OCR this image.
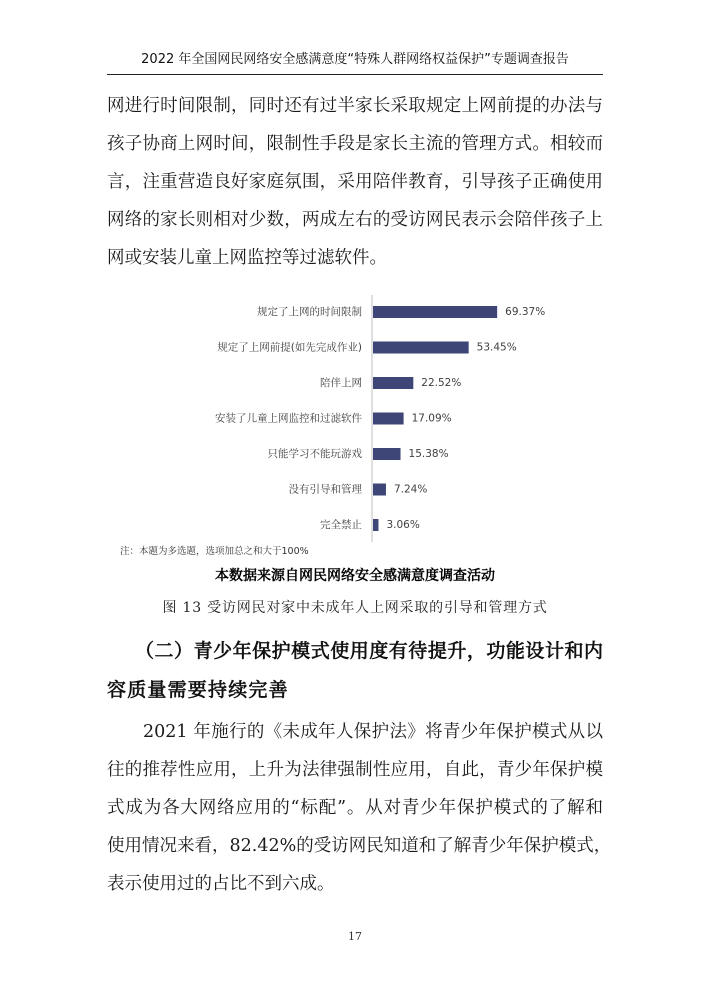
2022 年全国网民网络安全感满意度“特殊人群网络权益保护”专题调查报告
网进行时间限制，同时还有过半家长采取规定上网前提的办法与
孩子协商上网时间，限制性手段是家长主流的管理方式。相较而
言，注重营造良好家庭氛围，采用陪伴教育，引导孩子正确使用
网络的家长则相对少数，两成左右的受访网民表示会陪伴孩子上
网或安装儿童上网监控等过滤软件。
规定了上网的时间限制	69.37%
规定了上网前提(如先完成作业)	53.45%
陪伴上网	22.52%
安装了儿童上网监控和过滤软件	17.09%
只能学习不能玩游戏	15.38%
没有引导和管理	7.24%
完全禁止 3.06%
注：本题为多选题，选项加总之和大于100%
本数据来源自网民网络安全感满意度调查活动
图 13 受访网民对家中未成年人上网采取的引导和管理方式
（二）青少年保护模式使用度有待提升，功能设计和内
容质量需要持续完善
2021 年施行的《未成年人保护法》将青少年保护模式从以
往的推荐性应用，上升为法律强制性应用，自此，青少年保护模
式成为各大网络应用的“标配”。从对青少年保护模式的了解和
使用情况来看，82.42%的受访网民知道和了解青少年保护模式，
表示使用过的占比不到六成。
17
